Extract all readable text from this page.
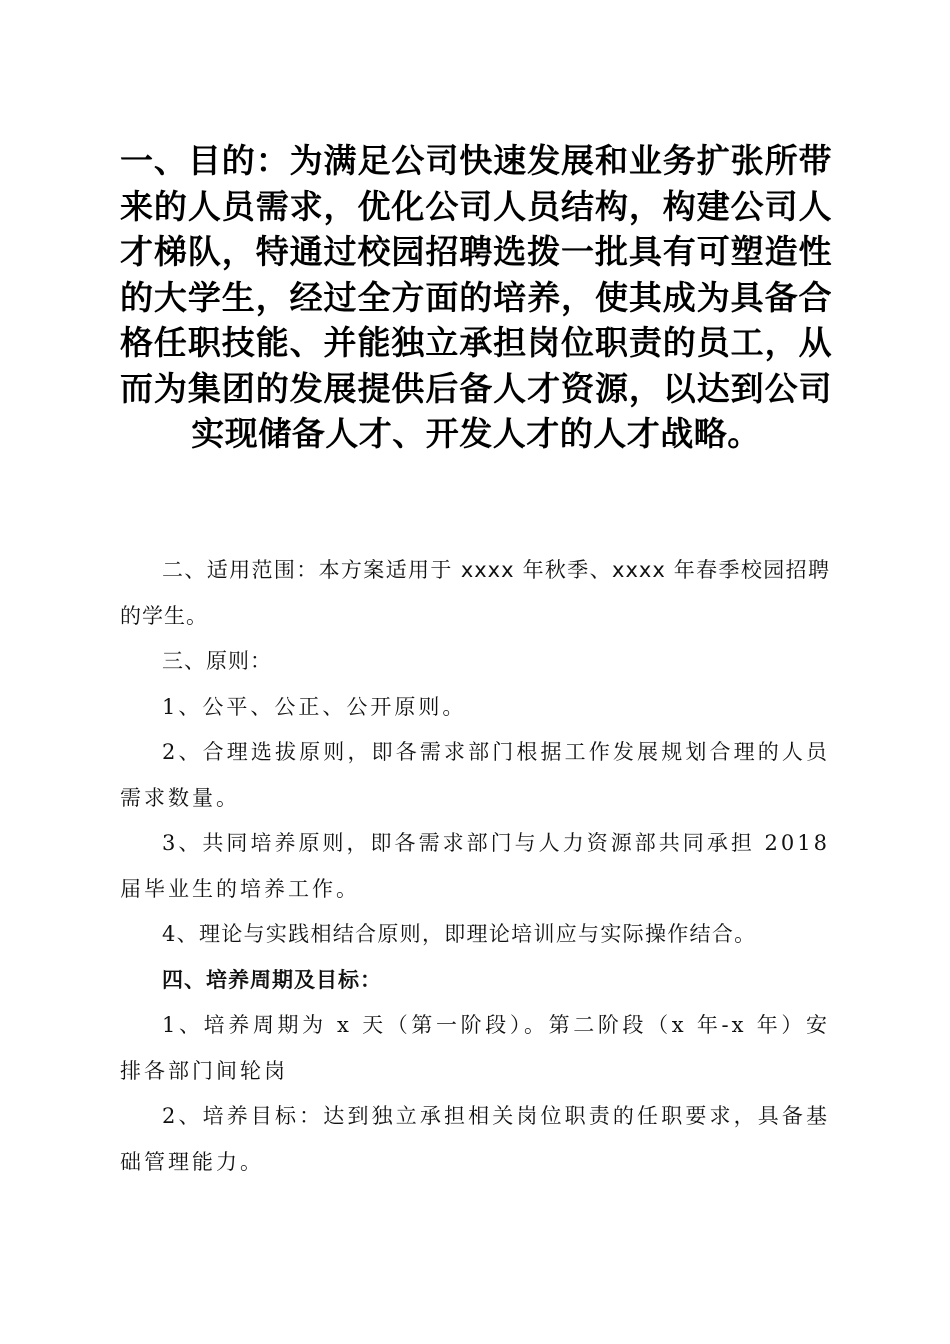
一、目的：为满足公司快速发展和业务扩张所带来的人员需求，优化公司人员结构，构建公司人才梯队，特通过校园招聘选拨一批具有可塑造性的大学生，经过全方面的培养，使其成为具备合格任职技能、并能独立承担岗位职责的员工，从而为集团的发展提供后备人才资源，以达到公司实现储备人才、开发人才的人才战略。

二、适用范围：本方案适用于 xxxx 年秋季、xxxx 年春季校园招聘的学生。

三、原则：

1、公平、公正、公开原则。

2、合理选拔原则，即各需求部门根据工作发展规划合理的人员需求数量。

3、共同培养原则，即各需求部门与人力资源部共同承担 2018 届毕业生的培养工作。

4、理论与实践相结合原则，即理论培训应与实际操作结合。

四、培养周期及目标：

1、培养周期为 x 天（第一阶段）。第二阶段（x 年-x 年）安排各部门间轮岗

2、培养目标：达到独立承担相关岗位职责的任职要求，具备基础管理能力。
